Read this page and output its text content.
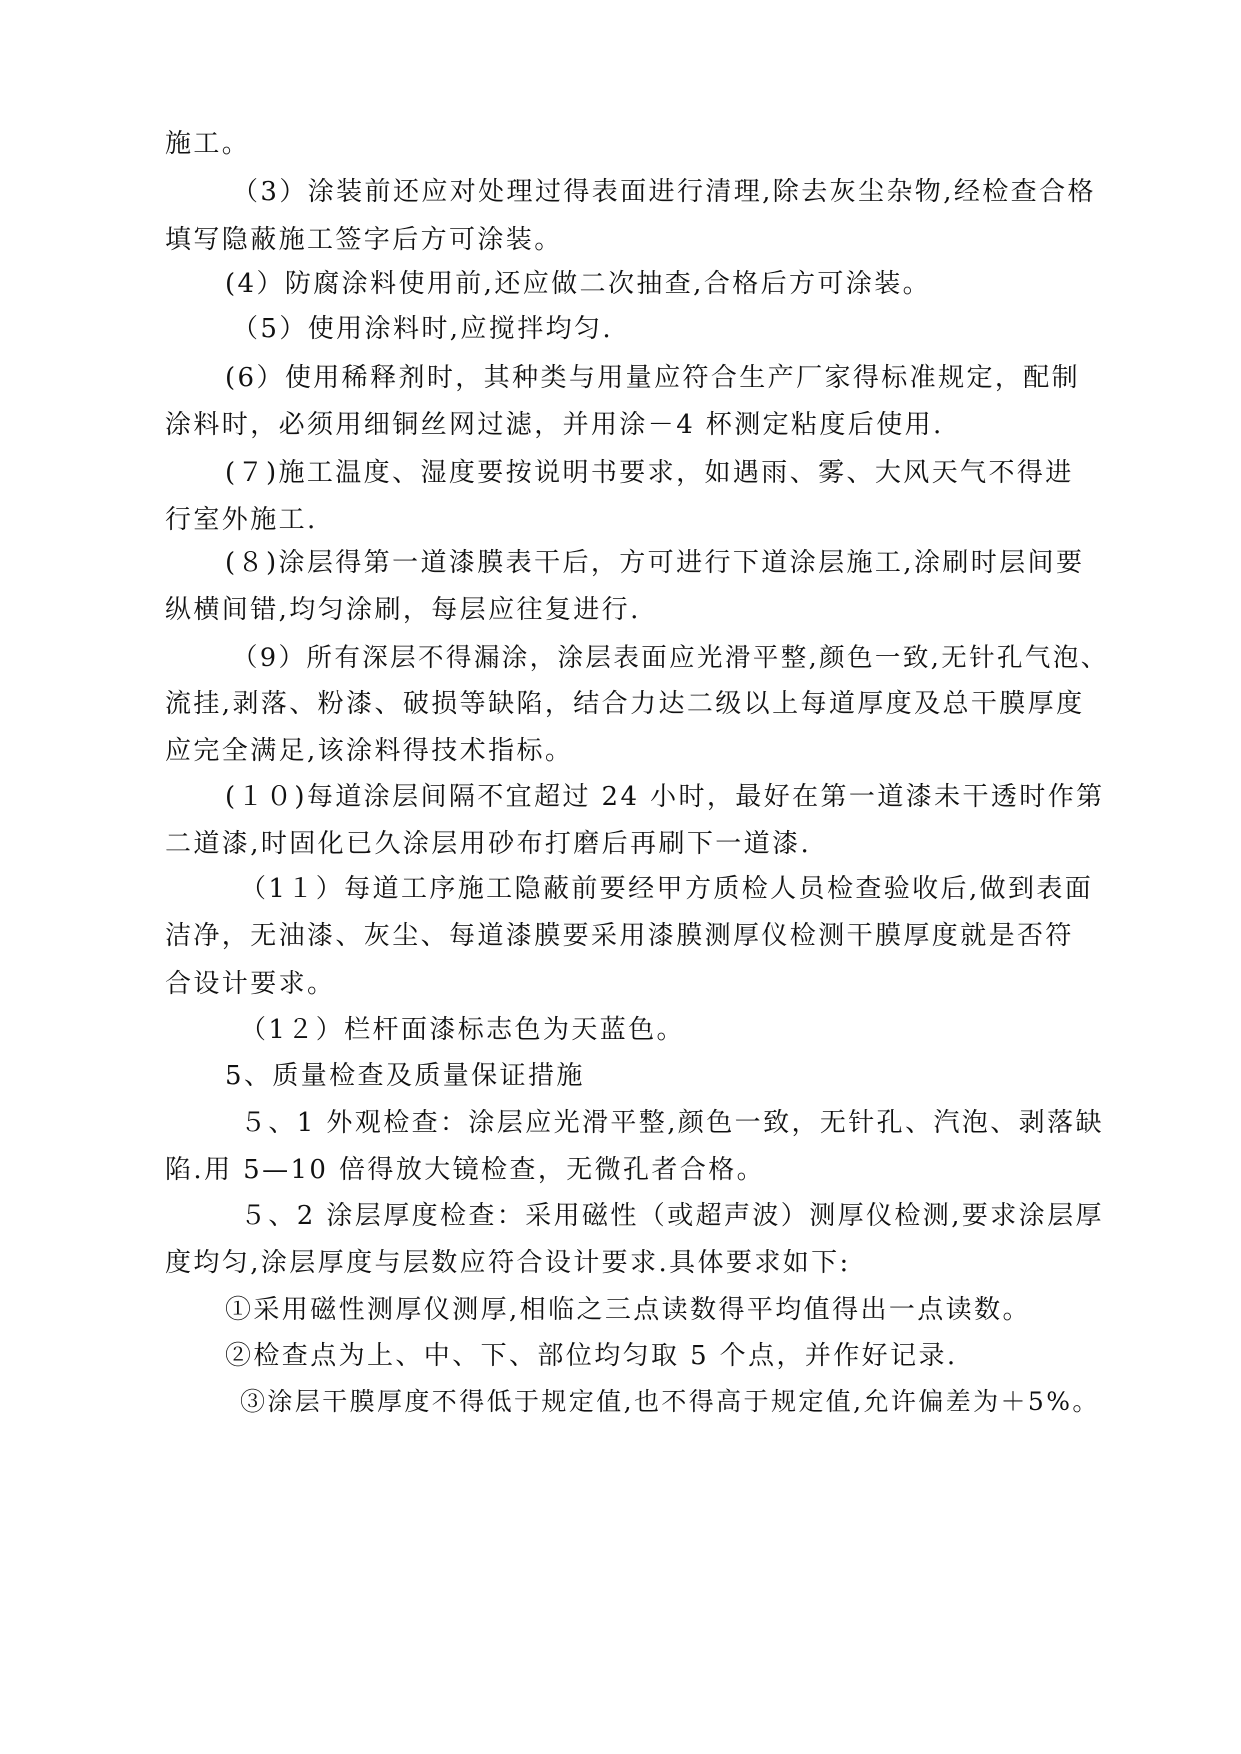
施工。

（3）涂装前还应对处理过得表面进行清理,除去灰尘杂物,经检查合格

填写隐蔽施工签字后方可涂装。

(4）防腐涂料使用前,还应做二次抽查,合格后方可涂装。

（5）使用涂料时,应搅拌均匀.

(6）使用稀释剂时，其种类与用量应符合生产厂家得标准规定，配制

涂料时，必须用细铜丝网过滤，并用涂－4 杯测定粘度后使用.

(７)施工温度、湿度要按说明书要求，如遇雨、雾、大风天气不得进

行室外施工.

(８)涂层得第一道漆膜表干后，方可进行下道涂层施工,涂刷时层间要

纵横间错,均匀涂刷，每层应往复进行.

（9）所有深层不得漏涂，涂层表面应光滑平整,颜色一致,无针孔气泡、

流挂,剥落、粉漆、破损等缺陷，结合力达二级以上每道厚度及总干膜厚度

应完全满足,该涂料得技术指标。

(１０)每道涂层间隔不宜超过 24 小时，最好在第一道漆未干透时作第

二道漆,时固化已久涂层用砂布打磨后再刷下一道漆.

（1１）每道工序施工隐蔽前要经甲方质检人员检查验收后,做到表面

洁净，无油漆、灰尘、每道漆膜要采用漆膜测厚仪检测干膜厚度就是否符

合设计要求。

（1２）栏杆面漆标志色为天蓝色。

5、质量检查及质量保证措施

５、1 外观检查：涂层应光滑平整,颜色一致，无针孔、汽泡、剥落缺

陷.用 5—10 倍得放大镜检查，无微孔者合格。

５、2 涂层厚度检查：采用磁性（或超声波）测厚仪检测,要求涂层厚

度均匀,涂层厚度与层数应符合设计要求.具体要求如下:

①采用磁性测厚仪测厚,相临之三点读数得平均值得出一点读数。

②检查点为上、中、下、部位均匀取 5 个点，并作好记录.

③涂层干膜厚度不得低于规定值,也不得高于规定值,允许偏差为＋5%。
